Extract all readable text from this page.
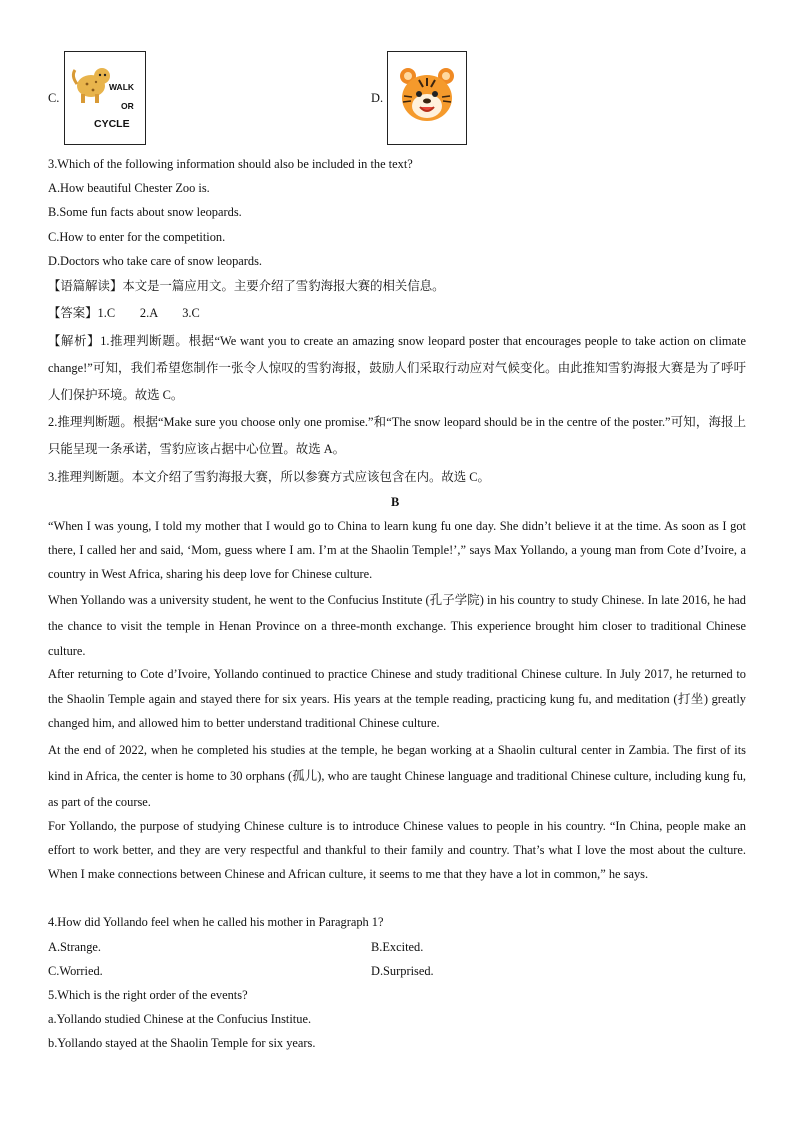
C.
WALK
OR
CYCLE
D.
3.Which of the following information should also be included in the text?
A.How beautiful Chester Zoo is.
B.Some fun facts about snow leopards.
C.How to enter for the competition.
D.Doctors who take care of snow leopards.
【语篇解读】本文是一篇应用文。主要介绍了雪豹海报大赛的相关信息。
【答案】1.C        2.A        3.C
【解析】1.推理判断题。根据“We want you to create an amazing snow leopard poster that encourages people to take action on climate change!”可知，我们希望您制作一张令人惊叹的雪豹海报，鼓励人们采取行动应对气候变化。由此推知雪豹海报大赛是为了呼吁人们保护环境。故选 C。
2.推理判断题。根据“Make sure you choose only one promise.”和“The snow leopard should be in the centre of the poster.”可知，海报上只能呈现一条承诺，雪豹应该占据中心位置。故选 A。
3.推理判断题。本文介绍了雪豹海报大赛，所以参赛方式应该包含在内。故选 C。
B
“When I was young, I told my mother that I would go to China to learn kung fu one day. She didn’t believe it at the time. As soon as I got there, I called her and said, ‘Mom, guess where I am. I’m at the Shaolin Temple!’,” says Max Yollando, a young man from Cote d’Ivoire, a country in West Africa, sharing his deep love for Chinese culture.
When Yollando was a university student, he went to the Confucius Institute (孔子学院) in his country to study Chinese. In late 2016, he had the chance to visit the temple in Henan Province on a three-month exchange. This experience brought him closer to traditional Chinese culture.
After returning to Cote d’Ivoire, Yollando continued to practice Chinese and study traditional Chinese culture. In July 2017, he returned to the Shaolin Temple again and stayed there for six years. His years at the temple reading, practicing kung fu, and meditation (打坐) greatly changed him, and allowed him to better understand traditional Chinese culture.
At the end of 2022, when he completed his studies at the temple, he began working at a Shaolin cultural center in Zambia. The first of its kind in Africa, the center is home to 30 orphans (孤儿), who are taught Chinese language and traditional Chinese culture, including kung fu, as part of the course.
For Yollando, the purpose of studying Chinese culture is to introduce Chinese values to people in his country. “In China, people make an effort to work better, and they are very respectful and thankful to their family and country. That’s what I love the most about the culture. When I make connections between Chinese and African culture, it seems to me that they have a lot in common,” he says.
4.How did Yollando feel when he called his mother in Paragraph 1?
A.Strange.	B.Excited.
C.Worried.	D.Surprised.
5.Which is the right order of the events?
a.Yollando studied Chinese at the Confucius Institue.
b.Yollando stayed at the Shaolin Temple for six years.
